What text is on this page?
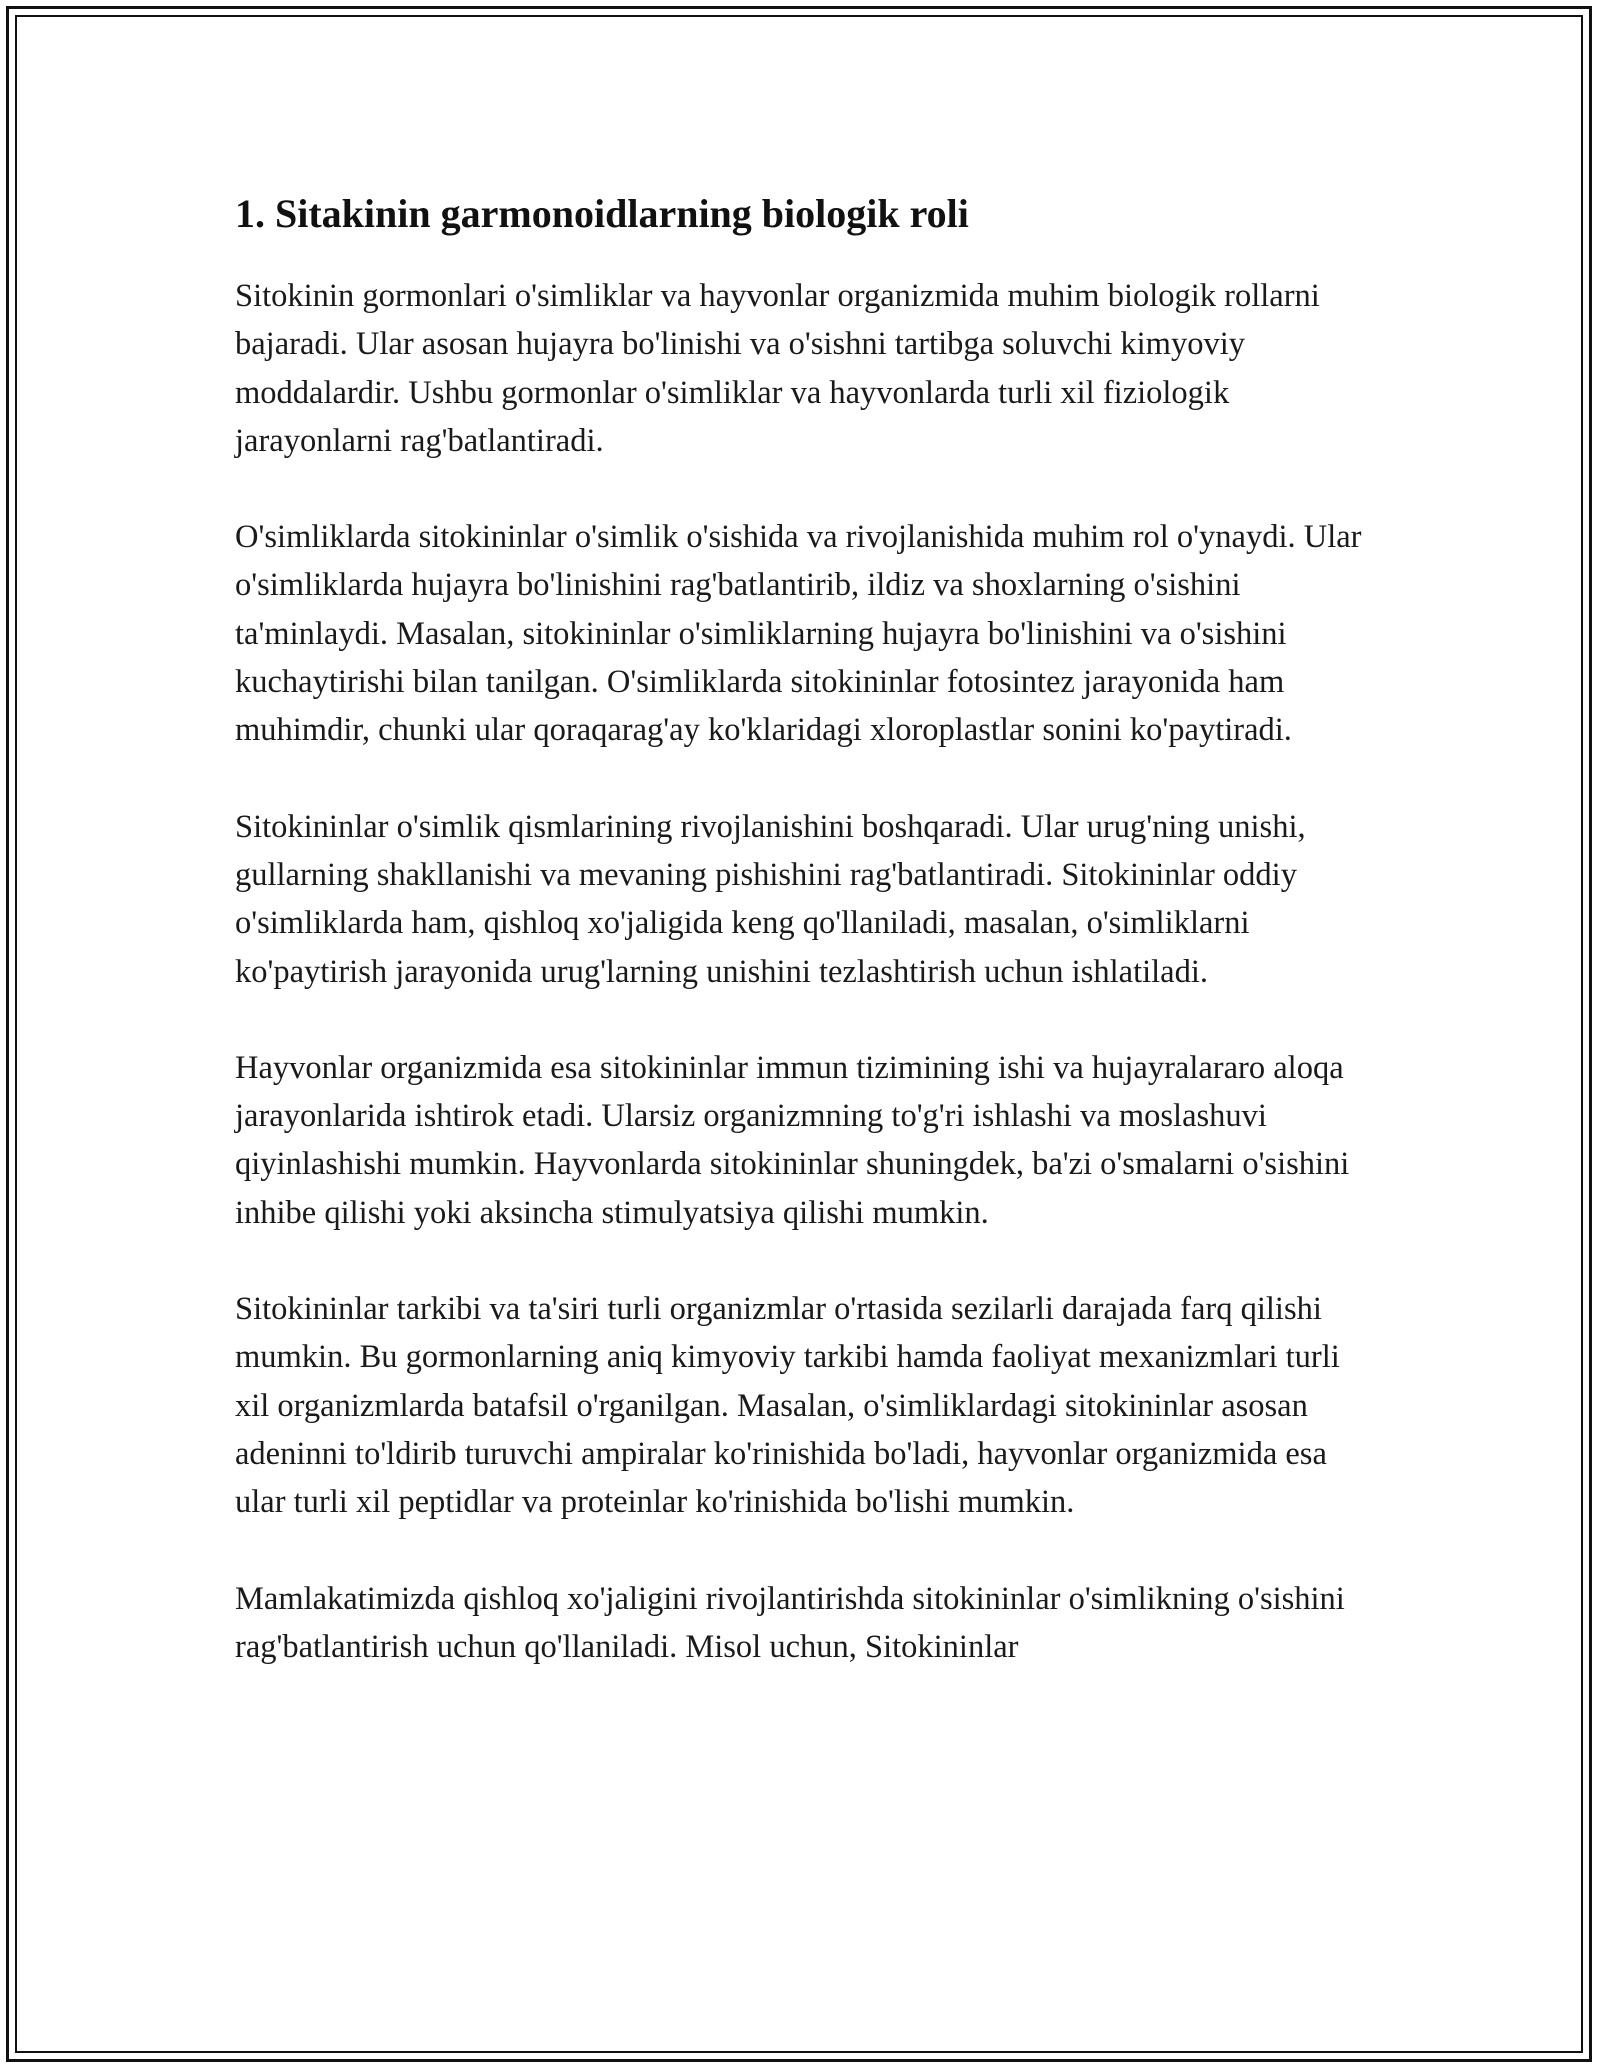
1. Sitakinin garmonoidlarning biologik roli

Sitokinin gormonlari o'simliklar va hayvonlar organizmida muhim biologik rollarni bajaradi. Ular asosan hujayra bo'linishi va o'sishni tartibga soluvchi kimyoviy moddalardir. Ushbu gormonlar o'simliklar va hayvonlarda turli xil fiziologik jarayonlarni rag'batlantiradi.

O'simliklarda sitokininlar o'simlik o'sishida va rivojlanishida muhim rol o'ynaydi. Ular o'simliklarda hujayra bo'linishini rag'batlantirib, ildiz va shoxlarning o'sishini ta'minlaydi. Masalan, sitokininlar o'simliklarning hujayra bo'linishini va o'sishini kuchaytirishi bilan tanilgan. O'simliklarda sitokininlar fotosintez jarayonida ham muhimdir, chunki ular qoraqarag'ay ko'klaridagi xloroplastlar sonini ko'paytiradi.

Sitokininlar o'simlik qismlarining rivojlanishini boshqaradi. Ular urug'ning unishi, gullarning shakllanishi va mevaning pishishini rag'batlantiradi. Sitokininlar oddiy o'simliklarda ham, qishloq xo'jaligida keng qo'llaniladi, masalan, o'simliklarni ko'paytirish jarayonida urug'larning unishini tezlashtirish uchun ishlatiladi.

Hayvonlar organizmida esa sitokininlar immun tizimining ishi va hujayralararo aloqa jarayonlarida ishtirok etadi. Ularsiz organizmning to'g'ri ishlashi va moslashuvi qiyinlashishi mumkin. Hayvonlarda sitokininlar shuningdek, ba'zi o'smalarni o'sishini inhibe qilishi yoki aksincha stimulyatsiya qilishi mumkin.

Sitokininlar tarkibi va ta'siri turli organizmlar o'rtasida sezilarli darajada farq qilishi mumkin. Bu gormonlarning aniq kimyoviy tarkibi hamda faoliyat mexanizmlari turli xil organizmlarda batafsil o'rganilgan. Masalan, o'simliklardagi sitokininlar asosan adeninni to'ldirib turuvchi ampiralar ko'rinishida bo'ladi, hayvonlar organizmida esa ular turli xil peptidlar va proteinlar ko'rinishida bo'lishi mumkin.

Mamlakatimizda qishloq xo'jaligini rivojlantirishda sitokininlar o'simlikning o'sishini rag'batlantirish uchun qo'llaniladi. Misol uchun, Sitokininlar
